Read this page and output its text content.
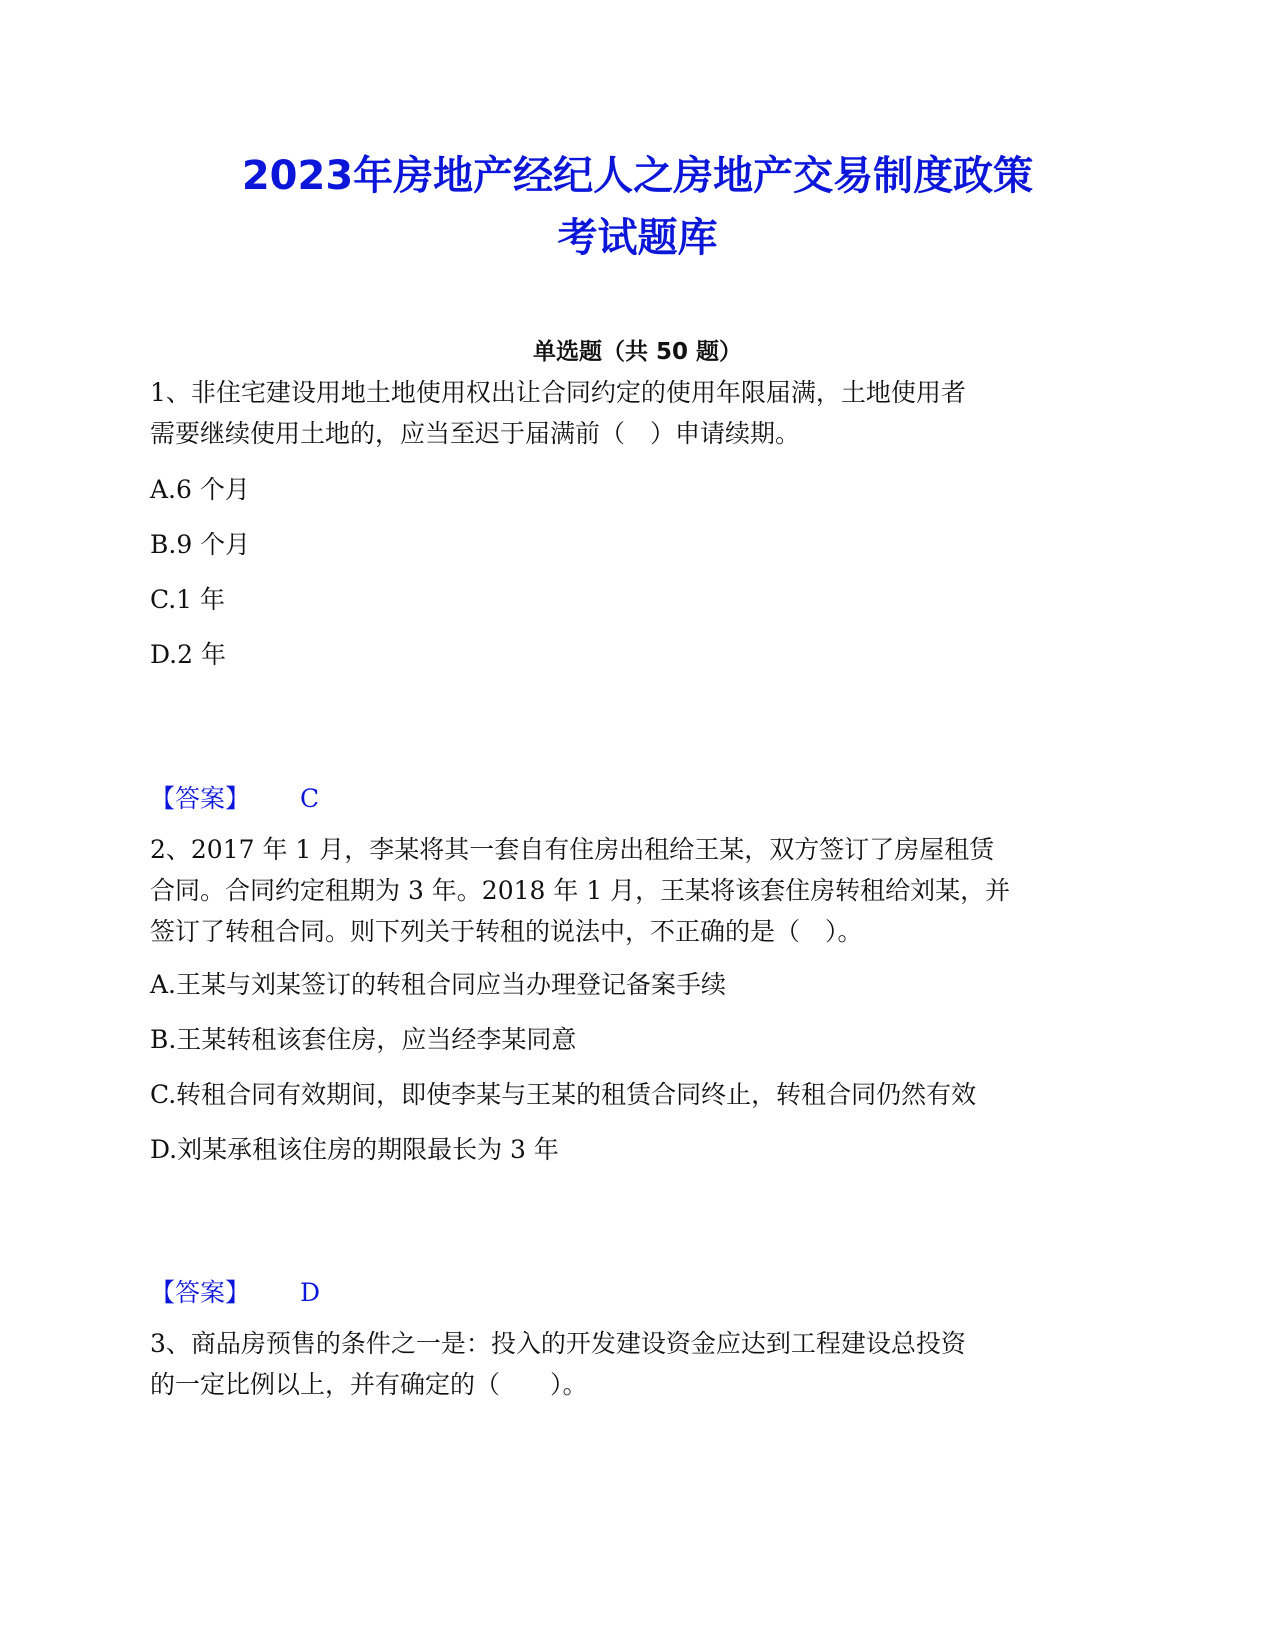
2023年房地产经纪人之房地产交易制度政策
考试题库
单选题（共 50 题）
1、非住宅建设用地土地使用权出让合同约定的使用年限届满，土地使用者
需要继续使用土地的，应当至迟于届满前（　）申请续期。
A.6 个月
B.9 个月
C.1 年
D.2 年
【答案】 C
2、2017 年 1 月，李某将其一套自有住房出租给王某，双方签订了房屋租赁
合同。合同约定租期为 3 年。2018 年 1 月，王某将该套住房转租给刘某，并
签订了转租合同。则下列关于转租的说法中，不正确的是（　）。
A.王某与刘某签订的转租合同应当办理登记备案手续
B.王某转租该套住房，应当经李某同意
C.转租合同有效期间，即使李某与王某的租赁合同终止，转租合同仍然有效
D.刘某承租该住房的期限最长为 3 年
【答案】 D
3、商品房预售的条件之一是：投入的开发建设资金应达到工程建设总投资
的一定比例以上，并有确定的（　　）。
